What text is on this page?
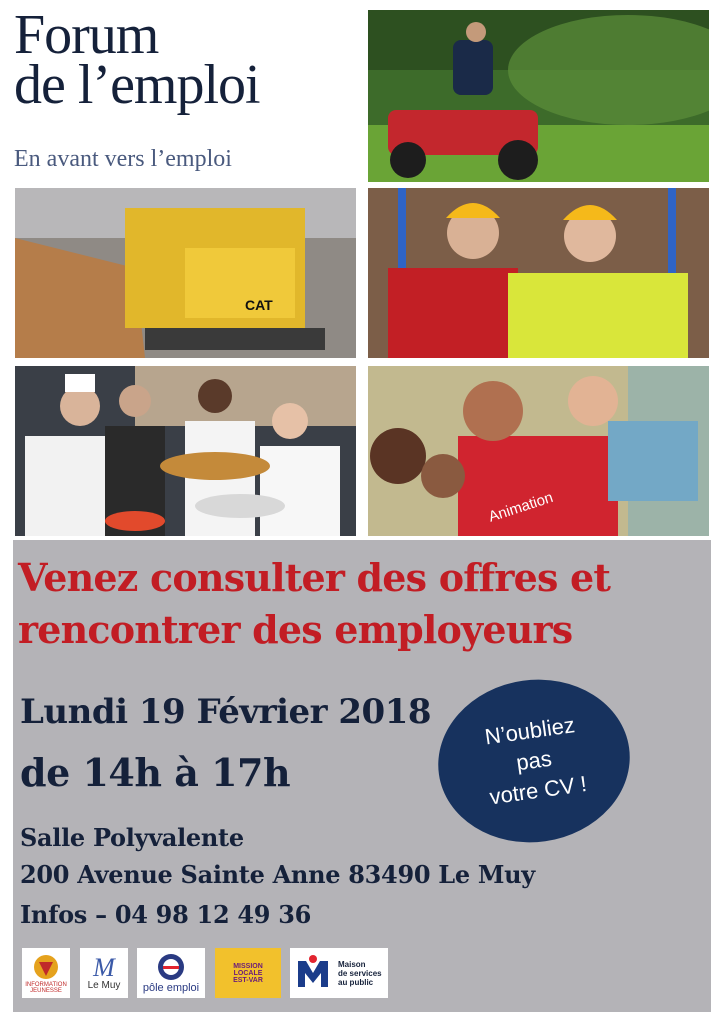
Forum
de l’emploi
En avant vers l’emploi
CAT
Animation
Venez consulter des offres et
rencontrer des employeurs
Lundi 19 Février 2018
de 14h à 17h
Salle Polyvalente
200 Avenue Sainte Anne 83490 Le Muy
Infos – 04 98 12 49 36
N’oubliez
pas
votre CV !
INFORMATION JEUNESSE
M
Le Muy pôle emploi
MISSION
LOCALE
EST-VAR
Maison
de services
au public
